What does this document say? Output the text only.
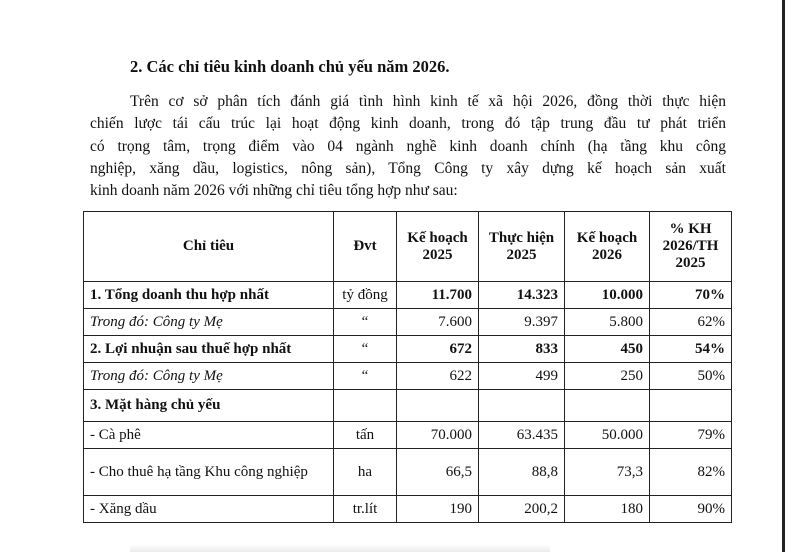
2. Các chỉ tiêu kinh doanh chủ yếu năm 2026.
Trên cơ sở phân tích đánh giá tình hình kinh tế xã hội 2026, đồng thời thực hiện
chiến lược tái cấu trúc lại hoạt động kinh doanh, trong đó tập trung đầu tư phát triển
có trọng tâm, trọng điểm vào 04 ngành nghề kinh doanh chính (hạ tầng khu công
nghiệp, xăng dầu, logistics, nông sản), Tổng Công ty xây dựng kế hoạch sản xuất
kinh doanh năm 2026 với những chỉ tiêu tổng hợp như sau:
Chỉ tiêu	Đvt	Kế hoạch 2025	Thực hiện 2025	Kế hoạch 2026	% KH 2026/TH 2025
1. Tổng doanh thu hợp nhất	tỷ đồng	11.700	14.323	10.000	70%
Trong đó: Công ty Mẹ	“	7.600	9.397	5.800	62%
2. Lợi nhuận sau thuế hợp nhất	“	672	833	450	54%
Trong đó: Công ty Mẹ	“	622	499	250	50%
3. Mặt hàng chủ yếu					
- Cà phê	tấn	70.000	63.435	50.000	79%
- Cho thuê hạ tầng Khu công nghiệp	ha	66,5	88,8	73,3	82%
- Xăng dầu	tr.lít	190	200,2	180	90%
